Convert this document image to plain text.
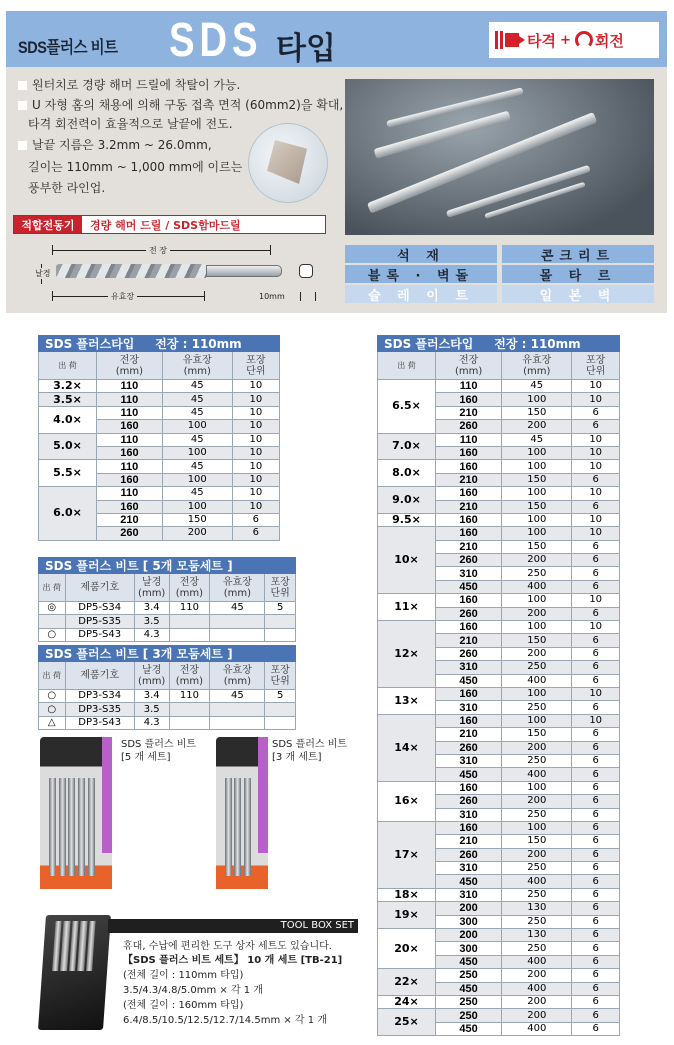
SDS플러스 비트 SDS 타입	타격 + 회전
원터치로 경량 해머 드릴에 착탈이 가능.
U 자형 홈의 채용에 의해 구동 접촉 면적 (60mm2)을 확대,
타격 회전력이 효율적으로 날끝에 전도.
날끝 지름은 3.2mm ~ 26.0mm,
길이는 110mm ~ 1,000 mm에 이르는
풍부한 라인업.
적합전동기	경량 해머 드릴 / SDS함마드릴
전 장
날경
유효장	10mm
석 재	콘크리트
블록 · 벽돌	몰 타 르
슬 레 이 트	일 본 벽
SDS 플러스타입     전장 : 110mm			
出 荷	전장
(mm)	유효장
(mm)	포장
단위
3.2×	110	45	10
3.5×	110	45	10
4.0×	110	45	10
	160	100	10
5.0×	110	45	10
	160	100	10
5.5×	110	45	10
	160	100	10
6.0×	110	45	10
	160	100	10
	210	150	6
	260	200	6
SDS 플러스 비트 [ 5개 모둠세트 ]					
出 荷	제품기호	날경
(mm)	전장
(mm)	유효장
(mm)	포장
단위
◎	DP5-S34	3.4	110	45	5
	DP5-S35	3.5			
○	DP5-S43	4.3			
SDS 플러스 비트 [ 3개 모둠세트 ]					
出 荷	제품기호	날경
(mm)	전장
(mm)	유효장
(mm)	포장
단위
○	DP3-S34	3.4	110	45	5
○	DP3-S35	3.5			
△	DP3-S43	4.3			
SDS 플러스 비트
[5 개 세트]
SDS 플러스 비트
[3 개 세트]
TOOL BOX SET
휴대, 수납에 편리한 도구 상자 세트도 있습니다.
【SDS 플러스 비트 세트】 10 개 세트 [TB-21]
(전체 길이 : 110mm 타입)
3.5/4.3/4.8/5.0mm × 각 1 개
(전체 길이 : 160mm 타입)
6.4/8.5/10.5/12.5/12.7/14.5mm × 각 1 개
SDS 플러스타입     전장 : 110mm			
出 荷	전장
(mm)	유효장
(mm)	포장
단위
6.5×	110	45	10
	160	100	10
	210	150	6
	260	200	6
7.0×	110	45	10
	160	100	10
8.0×	160	100	10
	210	150	6
9.0×	160	100	10
	210	150	6
9.5×	160	100	10
10×	160	100	10
	210	150	6
	260	200	6
	310	250	6
	450	400	6
11×	160	100	10
	260	200	6
12×	160	100	10
	210	150	6
	260	200	6
	310	250	6
	450	400	6
13×	160	100	10
	310	250	6
14×	160	100	10
	210	150	6
	260	200	6
	310	250	6
	450	400	6
16×	160	100	6
	260	200	6
	310	250	6
17×	160	100	6
	210	150	6
	260	200	6
	310	250	6
	450	400	6
18×	310	250	6
19×	200	130	6
	300	250	6
20×	200	130	6
	300	250	6
	450	400	6
22×	250	200	6
	450	400	6
24×	250	200	6
25×	250	200	6
	450	400	6
